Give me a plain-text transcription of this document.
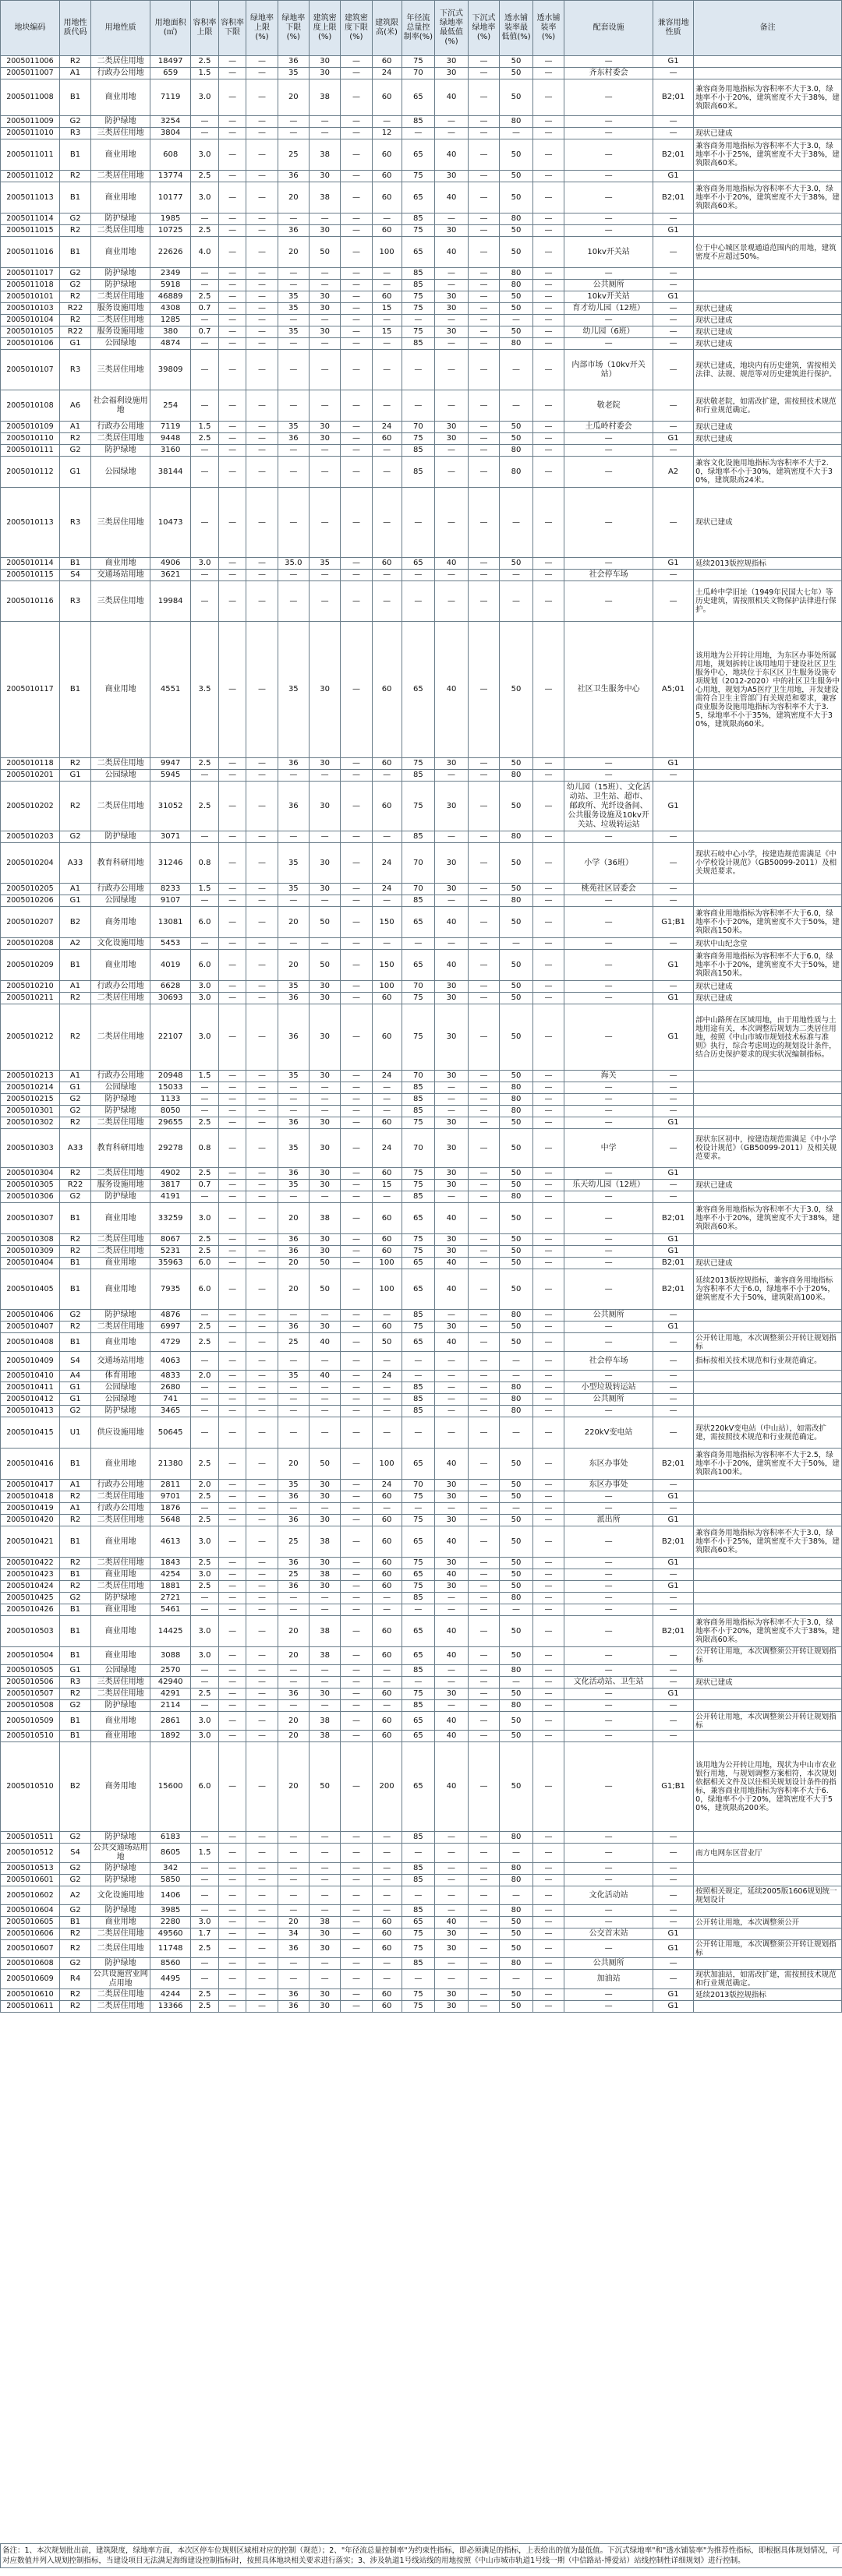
地块编码	用地性质代码	用地性质	用地面积(㎡)	容积率上限	容积率下限	绿地率上限(%)	绿地率下限(%)	建筑密度上限(%)	建筑密度下限(%)	建筑限高(米)	年径流总量控制率(%)	下沉式绿地率最低值(%)	下沉式绿地率(%)	透水铺装率最低值(%)	透水铺装率(%)	配套设施	兼容用地性质	备注
2005011006	R2	二类居住用地	18497	2.5	—	—	36	30	—	60	75	30	—	50	—	—	G1	
2005011007	A1	行政办公用地	659	1.5	—	—	35	30	—	24	70	30	—	50	—	齐东村委会	—	
2005011008	B1	商业用地	7119	3.0	—	—	20	38	—	60	65	40	—	50	—	—	B2;01	兼容商务用地指标为容积率不大于3.0，绿地率不小于20%，建筑密度不大于38%，建筑限高60米。
2005011009	G2	防护绿地	3254	—	—	—	—	—	—	—	85	—	—	80	—	—	—	
2005011010	R3	三类居住用地	3804	—	—	—	—	—	—	12	—	—	—	—	—	—	—	现状已建成
2005011011	B1	商业用地	608	3.0	—	—	25	38	—	60	65	40	—	50	—	—	B2;01	兼容商务用地指标为容积率不大于3.0，绿地率不小于25%，建筑密度不大于38%，建筑限高60米。
2005011012	R2	二类居住用地	13774	2.5	—	—	36	30	—	60	75	30	—	50	—	—	G1	
2005011013	B1	商业用地	10177	3.0	—	—	20	38	—	60	65	40	—	50	—	—	B2;01	兼容商务用地指标为容积率不大于3.0，绿地率不小于20%，建筑密度不大于38%，建筑限高60米。
2005011014	G2	防护绿地	1985	—	—	—	—	—	—	—	85	—	—	80	—	—	—	
2005011015	R2	二类居住用地	10725	2.5	—	—	36	30	—	60	75	30	—	50	—	—	G1	
2005011016	B1	商业用地	22626	4.0	—	—	20	50	—	100	65	40	—	50	—	10kv开关站	—	位于中心城区景观通道范围内的用地，建筑密度不应超过50%。
2005011017	G2	防护绿地	2349	—	—	—	—	—	—	—	85	—	—	80	—	—	—	
2005011018	G2	防护绿地	5918	—	—	—	—	—	—	—	85	—	—	80	—	公共厕所	—	
2005010101	R2	二类居住用地	46889	2.5	—	—	35	30	—	60	75	30	—	50	—	10kv开关站	G1	
2005010103	R22	服务设施用地	4308	0.7	—	—	35	30	—	15	75	30	—	50	—	育才幼儿园（12班）	—	现状已建成
2005010104	R2	二类居住用地	1285	—	—	—	—	—	—	—	—	—	—	—	—	—	—	现状已建成
2005010105	R22	服务设施用地	380	0.7	—	—	35	30	—	15	75	30	—	50	—	幼儿园（6班）	—	现状已建成
2005010106	G1	公园绿地	4874	—	—	—	—	—	—	—	85	—	—	80	—	—	—	现状已建成
2005010107	R3	三类居住用地	39809	—	—	—	—	—	—	—	—	—	—	—	—	内部市场（10kv开关站）	—	现状已建成，地块内有历史建筑，需按相关法律、法规、规范等对历史建筑进行保护。
2005010108	A6	社会福利设施用地	254	—	—	—	—	—	—	—	—	—	—	—	—	敬老院	—	现状敬老院，如需改扩建，需按照技术规范和行业规范确定。
2005010109	A1	行政办公用地	7119	1.5	—	—	35	30	—	24	70	30	—	50	—	土瓜岭村委会	—	现状已建成
2005010110	R2	二类居住用地	9448	2.5	—	—	36	30	—	60	75	30	—	50	—	—	G1	现状已建成
2005010111	G2	防护绿地	3160	—	—	—	—	—	—	—	85	—	—	80	—	—	—	
2005010112	G1	公园绿地	38144	—	—	—	—	—	—	—	85	—	—	80	—	—	A2	兼容文化设施用地指标为容积率不大于2.0，绿地率不小于30%，建筑密度不大于30%，建筑限高24米。
2005010113	R3	三类居住用地	10473	—	—	—	—	—	—	—	—	—	—	—	—	—	—	现状已建成
2005010114	B1	商业用地	4906	3.0	—	—	35.0	35	—	60	65	40	—	50	—	—	G1	延续2013版控规指标
2005010115	S4	交通场站用地	3621	—	—	—	—	—	—	—	—	—	—	—	—	社会停车场	—	
2005010116	R3	三类居住用地	19984	—	—	—	—	—	—	—	—	—	—	—	—	—	—	土瓜岭中学旧址（1949年民国大七年）等历史建筑，需按照相关文物保护法律进行保护。
2005010117	B1	商业用地	4551	3.5	—	—	35	30	—	60	65	40	—	50	—	社区卫生服务中心	A5;01	该用地为公开转让用地，为东区办事处所属用地，规划拆转让该用地用于建设社区卫生服务中心，地块位于东区区卫生服务设施专项规划（2012-2020）中的社区卫生服务中心用地，规划为A5医疗卫生用地，开发建设需符合卫生主管部门有关规范和要求，兼容商业服务设施用地指标为容积率不大于3.5，绿地率不小于35%，建筑密度不大于30%，建筑限高60米。
2005010118	R2	二类居住用地	9947	2.5	—	—	36	30	—	60	75	30	—	50	—	—	G1	
2005010201	G1	公园绿地	5945	—	—	—	—	—	—	—	85	—	—	80	—	—	—	
2005010202	R2	二类居住用地	31052	2.5	—	—	36	30	—	60	75	30	—	50	—	幼儿园（15班）、文化活动站、卫生站、超市、邮政所、光纤设备间、公共服务设施及10kv开关站、垃圾转运站	G1	
2005010203	G2	防护绿地	3071	—	—	—	—	—	—	—	85	—	—	80	—	—	—	
2005010204	A33	教育科研用地	31246	0.8	—	—	35	30	—	24	70	30	—	50	—	小学（36班）	—	现状石岐中心小学，按建造规范需满足《中小学校设计规范》（GB50099-2011）及相关规范要求。
2005010205	A1	行政办公用地	8233	1.5	—	—	35	30	—	24	70	30	—	50	—	桃苑社区居委会	—	
2005010206	G1	公园绿地	9107	—	—	—	—	—	—	—	85	—	—	80	—	—	—	
2005010207	B2	商务用地	13081	6.0	—	—	20	50	—	150	65	40	—	50	—	—	G1;B1	兼容商业用地指标为容积率不大于6.0，绿地率不小于20%，建筑密度不大于50%，建筑限高150米。
2005010208	A2	文化设施用地	5453	—	—	—	—	—	—	—	—	—	—	—	—	—	—	现状中山纪念堂
2005010209	B1	商业用地	4019	6.0	—	—	20	50	—	150	65	40	—	50	—	—	G1	兼容商务用地指标为容积率不大于6.0，绿地率不小于20%，建筑密度不大于50%，建筑限高150米。
2005010210	A1	行政办公用地	6628	3.0	—	—	35	30	—	100	70	30	—	50	—	—	—	现状已建成
2005010211	R2	二类居住用地	30693	3.0	—	—	36	30	—	60	75	30	—	50	—	—	G1	现状已建成
2005010212	R2	二类居住用地	22107	3.0	—	—	36	30	—	60	75	30	—	50	—	—	G1	部中山路所在区域用地，由于用地性质与土地用途有关，本次调整后规划为二类居住用地，按照《中山市城市规划技术标准与准则》执行，综合考虑周边的规划设计条件，结合历史保护要求的现实状况编制指标。
2005010213	A1	行政办公用地	20948	1.5	—	—	35	30	—	24	70	30	—	50	—	海关	—	
2005010214	G1	公园绿地	15033	—	—	—	—	—	—	—	85	—	—	80	—	—	—	
2005010215	G2	防护绿地	1133	—	—	—	—	—	—	—	85	—	—	80	—	—	—	
2005010301	G2	防护绿地	8050	—	—	—	—	—	—	—	85	—	—	80	—	—	—	
2005010302	R2	二类居住用地	29655	2.5	—	—	36	30	—	60	75	30	—	50	—	—	G1	
2005010303	A33	教育科研用地	29278	0.8	—	—	35	30	—	24	70	30	—	50	—	中学	—	现状东区初中，按建造规范需满足《中小学校设计规范》（GB50099-2011）及相关规范要求。
2005010304	R2	二类居住用地	4902	2.5	—	—	36	30	—	60	75	30	—	50	—	—	G1	
2005010305	R22	服务设施用地	3817	0.7	—	—	35	30	—	15	75	30	—	50	—	乐天幼儿园（12班）	—	现状已建成
2005010306	G2	防护绿地	4191	—	—	—	—	—	—	—	85	—	—	80	—	—	—	
2005010307	B1	商业用地	33259	3.0	—	—	20	38	—	60	65	40	—	50	—	—	B2;01	兼容商务用地指标为容积率不大于3.0，绿地率不小于20%，建筑密度不大于38%，建筑限高60米。
2005010308	R2	二类居住用地	8067	2.5	—	—	36	30	—	60	75	30	—	50	—	—	G1	
2005010309	R2	二类居住用地	5231	2.5	—	—	36	30	—	60	75	30	—	50	—	—	G1	
2005010404	B1	商业用地	35963	6.0	—	—	20	50	—	100	65	40	—	50	—	—	B2;01	现状已建成
2005010405	B1	商业用地	7935	6.0	—	—	20	50	—	100	65	40	—	50	—	—	B2;01	延续2013版控规指标，兼容商务用地指标为容积率不大于6.0，绿地率不小于20%，建筑密度不大于50%，建筑限高100米。
2005010406	G2	防护绿地	4876	—	—	—	—	—	—	—	85	—	—	80	—	公共厕所	—	
2005010407	R2	二类居住用地	6997	2.5	—	—	36	30	—	60	75	30	—	50	—	—	G1	
2005010408	B1	商业用地	4729	2.5	—	—	25	40	—	50	65	40	—	50	—	—	—	公开转让用地，本次调整须公开转让规划指标
2005010409	S4	交通场站用地	4063	—	—	—	—	—	—	—	—	—	—	—	—	社会停车场	—	指标按相关技术规范和行业规范确定。
2005010410	A4	体育用地	4833	2.0	—	—	35	40	—	24	—	—	—	—	—	—	—	
2005010411	G1	公园绿地	2680	—	—	—	—	—	—	—	85	—	—	80	—	小型垃圾转运站	—	
2005010412	G1	公园绿地	741	—	—	—	—	—	—	—	85	—	—	80	—	公共厕所	—	
2005010413	G2	防护绿地	3465	—	—	—	—	—	—	—	85	—	—	80	—	—	—	
2005010415	U1	供应设施用地	50645	—	—	—	—	—	—	—	—	—	—	—	—	220kV变电站	—	现状220kV变电站（中山站），如需改扩建，需按照技术规范和行业规范确定。
2005010416	B1	商业用地	21380	2.5	—	—	20	50	—	100	65	40	—	50	—	东区办事处	B2;01	兼容商务用地指标为容积率不大于2.5，绿地率不小于20%，建筑密度不大于50%，建筑限高100米。
2005010417	A1	行政办公用地	2811	2.0	—	—	35	30	—	24	70	30	—	50	—	东区办事处	—	
2005010418	R2	二类居住用地	9701	2.5	—	—	36	30	—	60	75	30	—	50	—	—	G1	
2005010419	A1	行政办公用地	1876	—	—	—	—	—	—	—	—	—	—	—	—	—	—	
2005010420	R2	二类居住用地	5648	2.5	—	—	36	30	—	60	75	30	—	50	—	派出所	G1	
2005010421	B1	商业用地	4613	3.0	—	—	25	38	—	60	65	40	—	50	—	—	B2;01	兼容商务用地指标为容积率不大于3.0，绿地率不小于25%，建筑密度不大于38%，建筑限高60米。
2005010422	R2	二类居住用地	1843	2.5	—	—	36	30	—	60	75	30	—	50	—	—	G1	
2005010423	B1	商业用地	4254	3.0	—	—	25	38	—	60	65	40	—	50	—	—	—	
2005010424	R2	二类居住用地	1881	2.5	—	—	36	30	—	60	75	30	—	50	—	—	G1	
2005010425	G2	防护绿地	2721	—	—	—	—	—	—	—	85	—	—	80	—	—	—	
2005010426	B1	商业用地	5461	—	—	—	—	—	—	—	—	—	—	—	—	—	—	
2005010503	B1	商业用地	14425	3.0	—	—	20	38	—	60	65	40	—	50	—	—	B2;01	兼容商务用地指标为容积率不大于3.0，绿地率不小于20%，建筑密度不大于38%，建筑限高60米。
2005010504	B1	商业用地	3088	3.0	—	—	20	38	—	60	65	40	—	50	—	—	—	公开转让用地，本次调整须公开转让规划指标
2005010505	G1	公园绿地	2570	—	—	—	—	—	—	—	85	—	—	80	—	—	—	
2005010506	R3	三类居住用地	42940	—	—	—	—	—	—	—	—	—	—	—	—	文化活动站、卫生站	—	现状已建成
2005010507	R2	二类居住用地	4291	2.5	—	—	36	30	—	60	75	30	—	50	—	—	G1	
2005010508	G2	防护绿地	2114	—	—	—	—	—	—	—	85	—	—	80	—	—	—	
2005010509	B1	商业用地	2861	3.0	—	—	20	38	—	60	65	40	—	50	—	—	—	公开转让用地，本次调整须公开转让规划指标
2005010510	B1	商业用地	1892	3.0	—	—	20	38	—	60	65	40	—	50	—	—	—	
2005010510	B2	商务用地	15600	6.0	—	—	20	50	—	200	65	40	—	50	—	—	G1;B1	该用地为公开转让用地，现状为中山市农业银行用地，与规划调整方案相符，本次规划依据相关文件及以往相关规划设计条件的指标，兼容商业用地指标为容积率不大于6.0，绿地率不小于20%，建筑密度不大于50%，建筑限高200米。
2005010511	G2	防护绿地	6183	—	—	—	—	—	—	—	85	—	—	80	—	—	—	
2005010512	S4	公共交通场站用地	8605	1.5	—	—	—	—	—	—	—	—	—	—	—	—	—	南方电网东区营业厅
2005010513	G2	防护绿地	342	—	—	—	—	—	—	—	85	—	—	80	—	—	—	
2005010601	G2	防护绿地	5850	—	—	—	—	—	—	—	85	—	—	80	—	—	—	
2005010602	A2	文化设施用地	1406	—	—	—	—	—	—	—	—	—	—	—	—	文化活动站	—	按照相关规定，延续2005版1606规划统一规划设计
2005010604	G2	防护绿地	3985	—	—	—	—	—	—	—	85	—	—	80	—	—	—	
2005010605	B1	商业用地	2280	3.0	—	—	20	38	—	60	65	40	—	50	—	—	—	公开转让用地，本次调整须公开
2005010606	R2	二类居住用地	49560	1.7	—	—	34	30	—	60	75	30	—	50	—	公交首末站	G1	
2005010607	R2	二类居住用地	11748	2.5	—	—	36	30	—	60	75	30	—	50	—	—	G1	公开转让用地，本次调整须公开转让规划指标
2005010608	G2	防护绿地	8560	—	—	—	—	—	—	—	85	—	—	80	—	公共厕所	—	
2005010609	R4	公共设施营业网点用地	4495	—	—	—	—	—	—	—	—	—	—	—	—	加油站	—	现状加油站，如需改扩建，需按照技术规范和行业规范确定。
2005010610	R2	二类居住用地	4244	2.5	—	—	36	30	—	60	75	30	—	50	—	—	G1	延续2013版控规指标
2005010611	R2	二类居住用地	13366	2.5	—	—	36	30	—	60	75	30	—	50	—	—	G1	
备注：1、本次规划批出前，建筑限度，绿地率方面，本次区停车位规则区域相对应的控制（规范）；2、"年径流总量控制率"为约束性指标，即必须满足的指标，上表给出的值为最低值。下沉式绿地率"和"透水铺装率"为推荐性指标，即根据具体规划情况，可对应数值并列入规划控制指标，当建设项目无法满足海绵建设控制指标时，按照具体地块相关要求进行落实；3、涉及轨道1号线站线的用地按照《中山市城市轨道1号线一期（中信路站-博爱站）站线控制性详细规划》进行控制。
